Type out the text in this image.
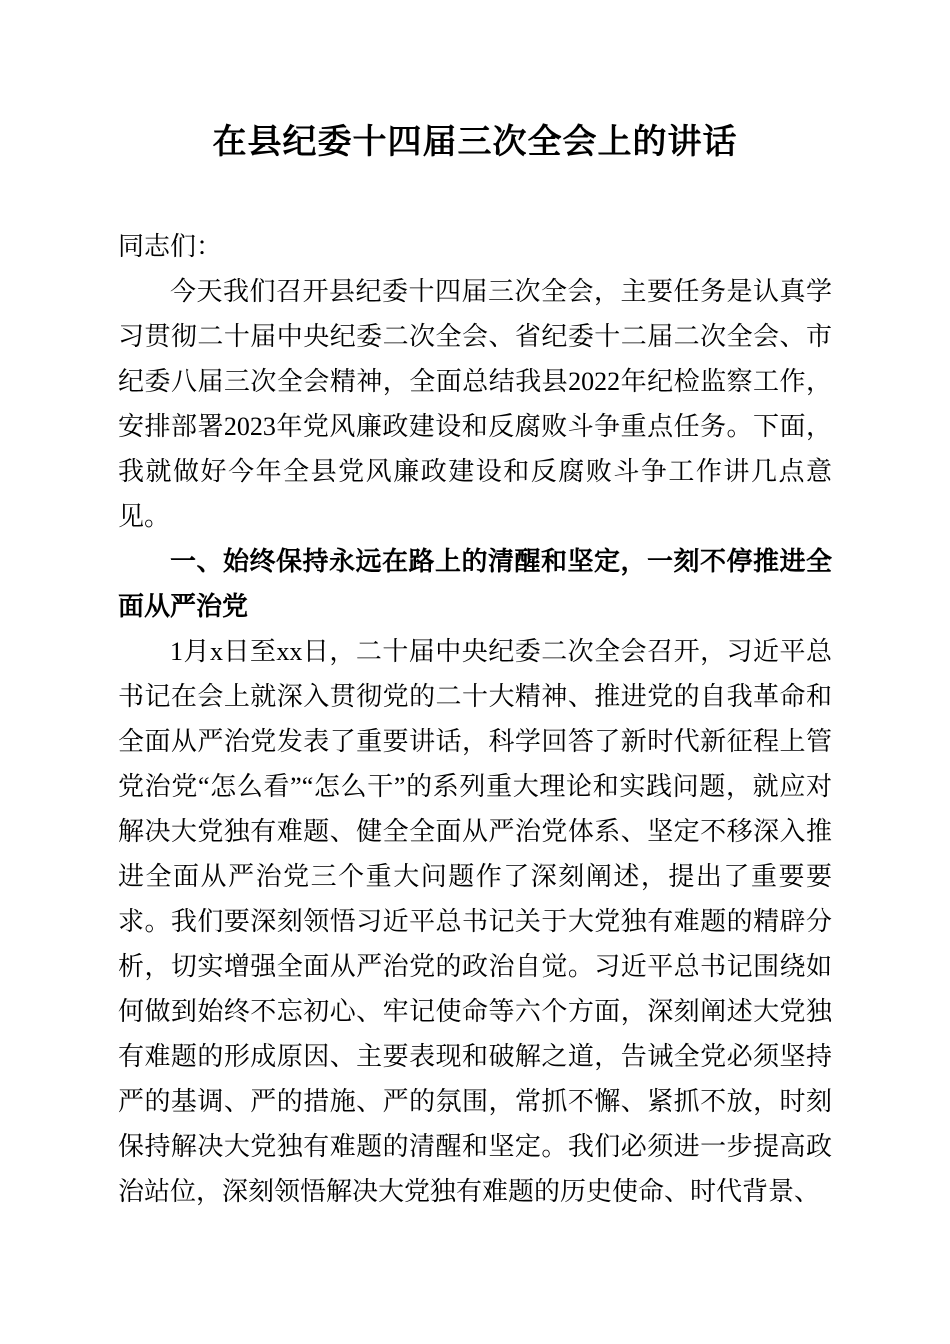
在县纪委十四届三次全会上的讲话

同志们：

今天我们召开县纪委十四届三次全会，主要任务是认真学习贯彻二十届中央纪委二次全会、省纪委十二届二次全会、市纪委八届三次全会精神，全面总结我县2022年纪检监察工作，安排部署2023年党风廉政建设和反腐败斗争重点任务。下面，我就做好今年全县党风廉政建设和反腐败斗争工作讲几点意见。

一、始终保持永远在路上的清醒和坚定，一刻不停推进全面从严治党

1月x日至xx日，二十届中央纪委二次全会召开，习近平总书记在会上就深入贯彻党的二十大精神、推进党的自我革命和全面从严治党发表了重要讲话，科学回答了新时代新征程上管党治党“怎么看”“怎么干”的系列重大理论和实践问题，就应对解决大党独有难题、健全全面从严治党体系、坚定不移深入推进全面从严治党三个重大问题作了深刻阐述，提出了重要要求。我们要深刻领悟习近平总书记关于大党独有难题的精辟分析，切实增强全面从严治党的政治自觉。习近平总书记围绕如何做到始终不忘初心、牢记使命等六个方面，深刻阐述大党独有难题的形成原因、主要表现和破解之道，告诫全党必须坚持严的基调、严的措施、严的氛围，常抓不懈、紧抓不放，时刻保持解决大党独有难题的清醒和坚定。我们必须进一步提高政治站位，深刻领悟解决大党独有难题的历史使命、时代背景、
